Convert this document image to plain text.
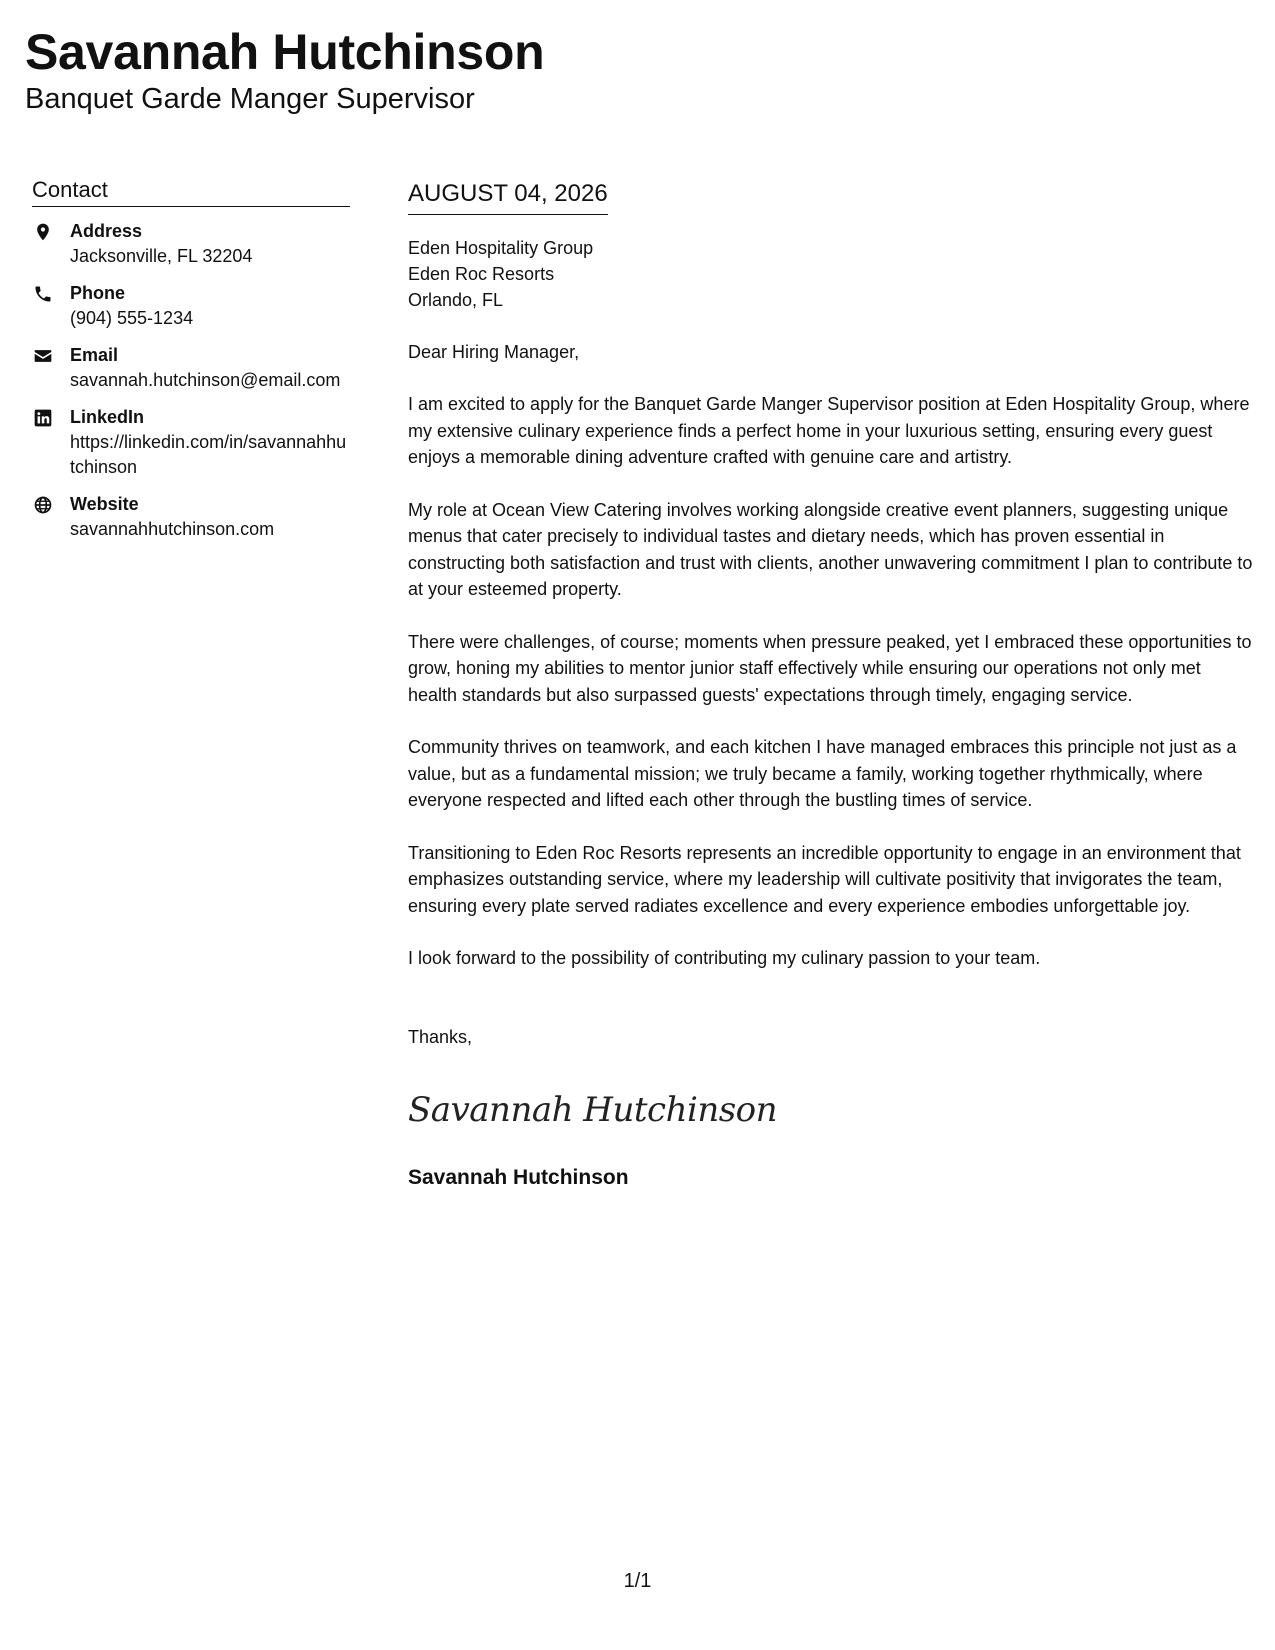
Savannah Hutchinson
Banquet Garde Manger Supervisor
Contact
Address
Jacksonville, FL 32204
Phone
(904) 555-1234
Email
savannah.hutchinson@email.com
LinkedIn
https://linkedin.com/in/savannahhutchinson
Website
savannahhutchinson.com
AUGUST 04, 2026
Eden Hospitality Group
Eden Roc Resorts
Orlando, FL
Dear Hiring Manager,
I am excited to apply for the Banquet Garde Manger Supervisor position at Eden Hospitality Group, where my extensive culinary experience finds a perfect home in your luxurious setting, ensuring every guest enjoys a memorable dining adventure crafted with genuine care and artistry.
My role at Ocean View Catering involves working alongside creative event planners, suggesting unique menus that cater precisely to individual tastes and dietary needs, which has proven essential in constructing both satisfaction and trust with clients, another unwavering commitment I plan to contribute to at your esteemed property.
There were challenges, of course; moments when pressure peaked, yet I embraced these opportunities to grow, honing my abilities to mentor junior staff effectively while ensuring our operations not only met health standards but also surpassed guests' expectations through timely, engaging service.
Community thrives on teamwork, and each kitchen I have managed embraces this principle not just as a value, but as a fundamental mission; we truly became a family, working together rhythmically, where everyone respected and lifted each other through the bustling times of service.
Transitioning to Eden Roc Resorts represents an incredible opportunity to engage in an environment that emphasizes outstanding service, where my leadership will cultivate positivity that invigorates the team, ensuring every plate served radiates excellence and every experience embodies unforgettable joy.
I look forward to the possibility of contributing my culinary passion to your team.
Thanks,
Savannah Hutchinson
Savannah Hutchinson
1/1
